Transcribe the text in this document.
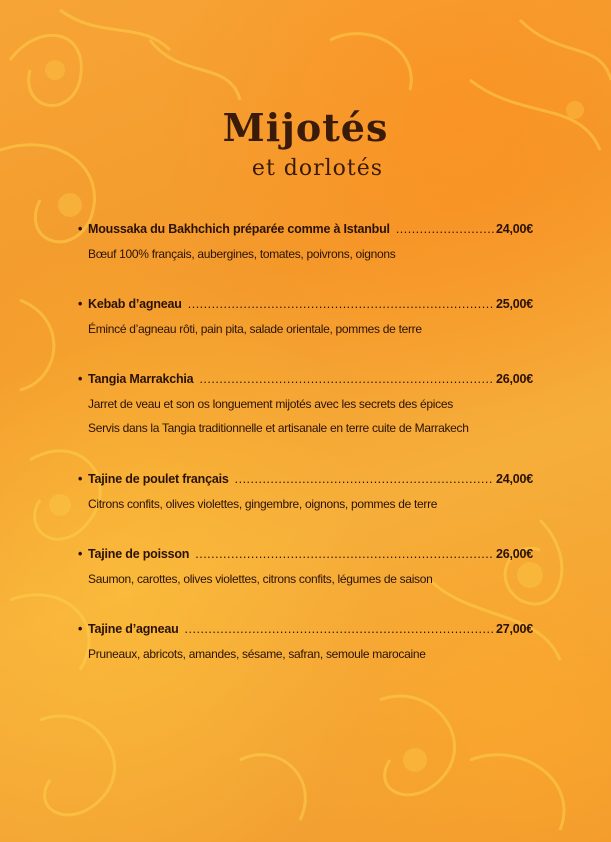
Mijotés
et dorlotés
• Moussaka du Bakhchich préparée comme à Istanbul .....	24,00€
Bœuf 100% français, aubergines, tomates, poivrons, oignons
• Kebab d’agneau .....	25,00€
Émincé d’agneau rôti, pain pita, salade orientale, pommes de terre
• Tangia Marrakchia .....	26,00€
Jarret de veau et son os longuement mijotés avec les secrets des épices
Servis dans la Tangia traditionnelle et artisanale en terre cuite de Marrakech
• Tajine de poulet français .....	24,00€
Citrons confits, olives violettes, gingembre, oignons, pommes de terre
• Tajine de poisson .....	26,00€
Saumon, carottes, olives violettes, citrons confits, légumes de saison
• Tajine d’agneau .....	27,00€
Pruneaux, abricots, amandes, sésame, safran, semoule marocaine
